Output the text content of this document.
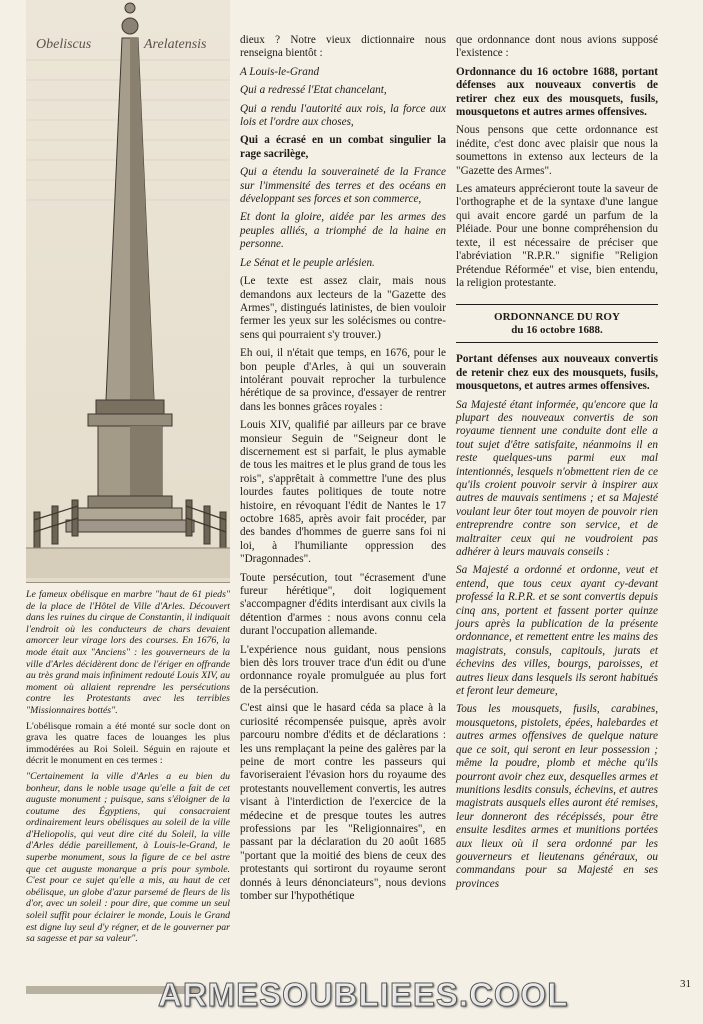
Obeliscus	Arelatensis

Le fameux obélisque en marbre "haut de 61 pieds" de la place de l'Hôtel de Ville d'Arles. Découvert dans les ruines du cirque de Constantin, il indiquait l'endroit où les conducteurs de chars devaient amorcer leur virage lors des courses. En 1676, la mode était aux "Anciens" : les gouverneurs de la ville d'Arles décidèrent donc de l'ériger en offrande au très grand mais infiniment redouté Louis XIV, au moment où allaient reprendre les persécutions contre les Protestants avec les terribles "Missionnaires bottés".

L'obélisque romain a été monté sur socle dont on grava les quatre faces de louanges les plus immodérées au Roi Soleil. Séguin en rajoute et décrit le monument en ces termes :

"Certainement la ville d'Arles a eu bien du bonheur, dans le noble usage qu'elle a fait de cet auguste monument ; puisque, sans s'éloigner de la coutume des Égyptiens, qui consacraient ordinairement leurs obélisques au soleil de la ville d'Heliopolis, qui veut dire cité du Soleil, la ville d'Arles dédie pareillement, à Louis-le-Grand, le superbe monument, sous la figure de ce bel astre que cet auguste monarque a pris pour symbole. C'est pour ce sujet qu'elle a mis, au haut de cet obélisque, un globe d'azur parsemé de fleurs de lis d'or, avec un soleil : pour dire, que comme un seul soleil suffit pour éclairer le monde, Louis le Grand est digne luy seul d'y régner, et de le gouverner par sa sagesse et par sa valeur".

dieux ? Notre vieux dictionnaire nous renseigna bientôt :

A Louis-le-Grand

Qui a redressé l'Etat chancelant,

Qui a rendu l'autorité aux rois, la force aux lois et l'ordre aux choses,

Qui a écrasé en un combat singulier la rage sacrilège,

Qui a étendu la souveraineté de la France sur l'immensité des terres et des océans en développant ses forces et son commerce,

Et dont la gloire, aidée par les armes des peuples alliés, a triomphé de la haine en personne.

Le Sénat et le peuple arlésien.

(Le texte est assez clair, mais nous demandons aux lecteurs de la "Gazette des Armes", distingués latinistes, de bien vouloir fermer les yeux sur les solécismes ou contre-sens qui pourraient s'y trouver.)

Eh oui, il n'était que temps, en 1676, pour le bon peuple d'Arles, à qui un souverain intolérant pouvait reprocher la turbulence hérétique de sa province, d'essayer de rentrer dans les bonnes grâces royales :

Louis XIV, qualifié par ailleurs par ce brave monsieur Seguin de "Seigneur dont le discernement est si parfait, le plus aymable de tous les maitres et le plus grand de tous les rois", s'apprêtait à commettre l'une des plus lourdes fautes politiques de toute notre histoire, en révoquant l'édit de Nantes le 17 octobre 1685, après avoir fait procéder, par des bandes d'hommes de guerre sans foi ni loi, à l'humiliante oppression des "Dragonnades".

Toute persécution, tout "écrasement d'une fureur hérétique", doit logiquement s'accompagner d'édits interdisant aux civils la détention d'armes : nous avons connu cela durant l'occupation allemande.

L'expérience nous guidant, nous pensions bien dès lors trouver trace d'un édit ou d'une ordonnance royale promulguée au plus fort de la persécution.

C'est ainsi que le hasard céda sa place à la curiosité récompensée puisque, après avoir parcouru nombre d'édits et de déclarations : les uns remplaçant la peine des galères par la peine de mort contre les passeurs qui favoriseraient l'évasion hors du royaume des protestants nouvellement convertis, les autres visant à l'interdiction de l'exercice de la médecine et de presque toutes les autres professions par les "Religionnaires", en passant par la déclaration du 20 août 1685 "portant que la moitié des biens de ceux des protestants qui sortiront du royaume seront donnés à leurs dénonciateurs", nous devions tomber sur l'hypothétique

que ordonnance dont nous avions supposé l'existence :

Ordonnance du 16 octobre 1688, portant défenses aux nouveaux convertis de retirer chez eux des mousquets, fusils, mousquetons et autres armes offensives.

Nous pensons que cette ordonnance est inédite, c'est donc avec plaisir que nous la soumettons in extenso aux lecteurs de la "Gazette des Armes".

Les amateurs apprécieront toute la saveur de l'orthographe et de la syntaxe d'une langue qui avait encore gardé un parfum de la Pléiade. Pour une bonne compréhension du texte, il est nécessaire de préciser que l'abréviation "R.P.R." signifie "Religion Prétendue Réformée" et vise, bien entendu, la religion protestante.

ORDONNANCE DU ROY
du 16 octobre 1688.

Portant défenses aux nouveaux convertis de retenir chez eux des mousquets, fusils, mousquetons, et autres armes offensives.

Sa Majesté étant informée, qu'encore que la plupart des nouveaux convertis de son royaume tiennent une conduite dont elle a tout sujet d'être satisfaite, néanmoins il en reste quelques-uns parmi eux mal intentionnés, lesquels n'obmettent rien de ce qu'ils croient pouvoir servir à inspirer aux autres de mauvais sentimens ; et sa Majesté voulant leur ôter tout moyen de pouvoir rien entreprendre contre son service, et de maltraiter ceux qui ne voudroient pas adhérer à leurs mauvais conseils :

Sa Majesté a ordonné et ordonne, veut et entend, que tous ceux ayant cy-devant professé la R.P.R. et se sont convertis depuis cinq ans, portent et fassent porter quinze jours après la publication de la présente ordonnance, et remettent entre les mains des magistrats, consuls, capitouls, jurats et échevins des villes, bourgs, paroisses, et autres lieux dans lesquels ils seront habitués et feront leur demeure,

Tous les mousquets, fusils, carabines, mousquetons, pistolets, épées, halebardes et autres armes offensives de quelque nature que ce soit, qui seront en leur possession ; même la poudre, plomb et mèche qu'ils pourront avoir chez eux, desquelles armes et munitions lesdits consuls, échevins, et autres magistrats ausquels elles auront été remises, leur donneront des récépissés, pour être ensuite lesdites armes et munitions portées aux lieux où il sera ordonné par les gouverneurs et lieutenans généraux, ou commandans pour sa Majesté en ses provinces

31
ARMESOUBLIEES.COOL
